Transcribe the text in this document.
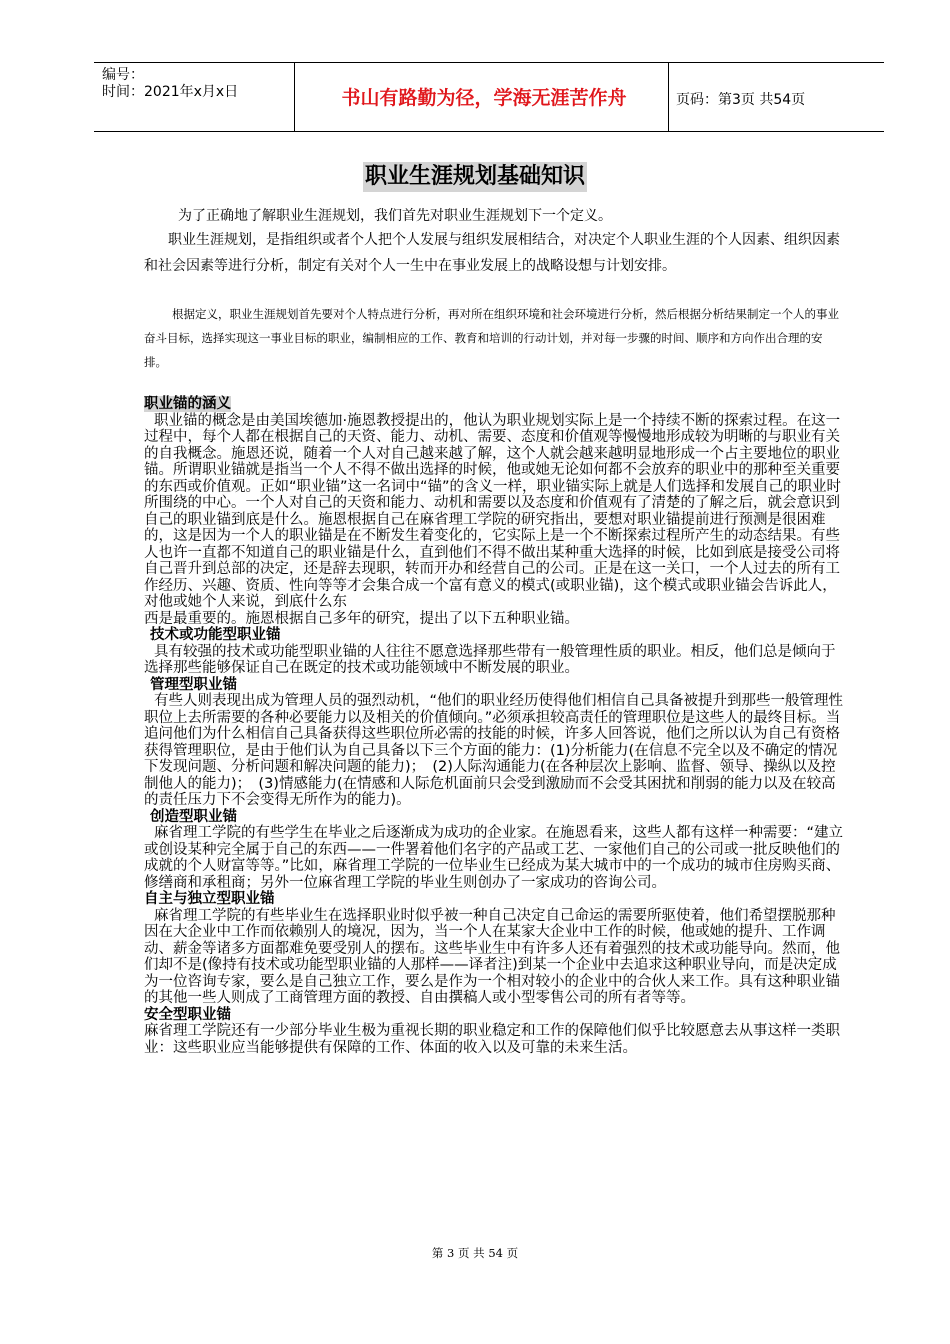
编号：
时间：2021年x月x日	书山有路勤为径，学海无涯苦作舟	页码：第3页 共54页
职业生涯规划基础知识

为了正确地了解职业生涯规划，我们首先对职业生涯规划下一个定义。

职业生涯规划，是指组织或者个人把个人发展与组织发展相结合，对决定个人职业生涯的个人因素、组织因素和社会因素等进行分析，制定有关对个人一生中在事业发展上的战略设想与计划安排。

根据定义，职业生涯规划首先要对个人特点进行分析，再对所在组织环境和社会环境进行分析，然后根据分析结果制定一个人的事业奋斗目标，选择实现这一事业目标的职业，编制相应的工作、教育和培训的行动计划，并对每一步骤的时间、顺序和方向作出合理的安排。

职业锚的涵义

职业锚的概念是由美国埃德加·施恩教授提出的，他认为职业规划实际上是一个持续不断的探索过程。在这一过程中，每个人都在根据自己的天资、能力、动机、需要、态度和价值观等慢慢地形成较为明晰的与职业有关的自我概念。施恩还说，随着一个人对自己越来越了解，这个人就会越来越明显地形成一个占主要地位的职业锚。所谓职业锚就是指当一个人不得不做出选择的时候，他或她无论如何都不会放弃的职业中的那种至关重要的东西或价值观。正如“职业锚”这一名词中“锚”的含义一样，职业锚实际上就是人们选择和发展自己的职业时所围绕的中心。一个人对自己的天资和能力、动机和需要以及态度和价值观有了清楚的了解之后，就会意识到自己的职业锚到底是什么。施恩根据自己在麻省理工学院的研究指出，要想对职业锚提前进行预测是很困难的，这是因为一个人的职业锚是在不断发生着变化的，它实际上是一个不断探索过程所产生的动态结果。有些人也许一直都不知道自己的职业锚是什么，直到他们不得不做出某种重大选择的时候，比如到底是接受公司将自己晋升到总部的决定，还是辞去现职，转而开办和经营自己的公司。正是在这一关口，一个人过去的所有工作经历、兴趣、资质、性向等等才会集合成一个富有意义的模式(或职业锚)，这个模式或职业锚会告诉此人，对他或她个人来说，到底什么东

西是最重要的。施恩根据自己多年的研究，提出了以下五种职业锚。

技术或功能型职业锚

具有较强的技术或功能型职业锚的人往往不愿意选择那些带有一般管理性质的职业。相反，他们总是倾向于选择那些能够保证自己在既定的技术或功能领域中不断发展的职业。

管理型职业锚

有些人则表现出成为管理人员的强烈动机，“他们的职业经历使得他们相信自己具备被提升到那些一般管理性职位上去所需要的各种必要能力以及相关的价值倾向。”必须承担较高责任的管理职位是这些人的最终目标。当追问他们为什么相信自己具备获得这些职位所必需的技能的时候，许多人回答说，他们之所以认为自己有资格获得管理职位，是由于他们认为自己具备以下三个方面的能力：(1)分析能力(在信息不完全以及不确定的情况下发现问题、分析问题和解决问题的能力)；　(2)人际沟通能力(在各种层次上影响、监督、领导、操纵以及控制他人的能力)；　(3)情感能力(在情感和人际危机面前只会受到激励而不会受其困扰和削弱的能力以及在较高的责任压力下不会变得无所作为的能力)。

创造型职业锚

麻省理工学院的有些学生在毕业之后逐渐成为成功的企业家。在施恩看来，这些人都有这样一种需要：“建立或创设某种完全属于自己的东西——一件署着他们名字的产品或工艺、一家他们自己的公司或一批反映他们的成就的个人财富等等。”比如，麻省理工学院的一位毕业生已经成为某大城市中的一个成功的城市住房购买商、修缮商和承租商；另外一位麻省理工学院的毕业生则创办了一家成功的咨询公司。

自主与独立型职业锚

麻省理工学院的有些毕业生在选择职业时似乎被一种自己决定自己命运的需要所驱使着，他们希望摆脱那种因在大企业中工作而依赖别人的境况，因为，当一个人在某家大企业中工作的时候，他或她的提升、工作调动、薪金等诸多方面都难免要受别人的摆布。这些毕业生中有许多人还有着强烈的技术或功能导向。然而，他们却不是(像持有技术或功能型职业锚的人那样——译者注)到某一个企业中去追求这种职业导向，而是决定成为一位咨询专家，要么是自己独立工作，要么是作为一个相对较小的企业中的合伙人来工作。具有这种职业锚的其他一些人则成了工商管理方面的教授、自由撰稿人或小型零售公司的所有者等等。

安全型职业锚

麻省理工学院还有一少部分毕业生极为重视长期的职业稳定和工作的保障他们似乎比较愿意去从事这样一类职业：这些职业应当能够提供有保障的工作、体面的收入以及可靠的未来生活。

第 3 页 共 54 页
